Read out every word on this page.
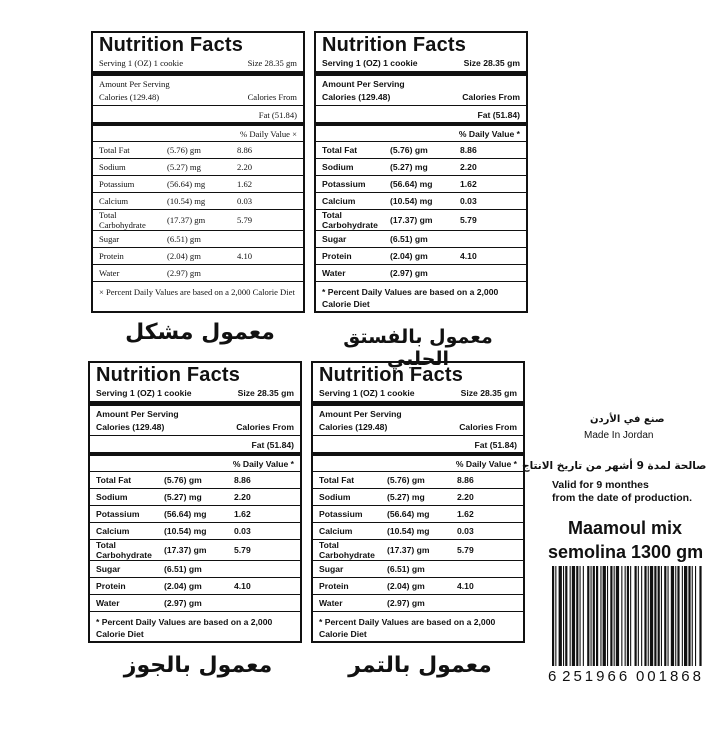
Nutrition Facts
Serving 1 (OZ) 1 cookie	Size 28.35 gm
Amount Per Serving
Calories (129.48)	Calories From
Fat (51.84)
% Daily Value ×
Total Fat	(5.76) gm	8.86
Sodium	(5.27) mg	2.20
Potassium	(56.64) mg	1.62
Calcium	(10.54) mg	0.03
Total Carbohydrate	(17.37) gm	5.79
Sugar	(6.51) gm	
Protein	(2.04) gm	4.10
Water	(2.97) gm	
× Percent Daily Values are based on a 2,000 Calorie Diet
Nutrition Facts
Serving 1 (OZ) 1 cookie	Size 28.35 gm
Amount Per Serving
Calories (129.48)	Calories From
Fat (51.84)
% Daily Value *
Total Fat	(5.76) gm	8.86
Sodium	(5.27) mg	2.20
Potassium	(56.64) mg	1.62
Calcium	(10.54) mg	0.03
Total Carbohydrate	(17.37) gm	5.79
Sugar	(6.51) gm	
Protein	(2.04) gm	4.10
Water	(2.97) gm	
* Percent Daily Values are based on a 2,000 Calorie Diet
Nutrition Facts
Serving 1 (OZ) 1 cookie	Size 28.35 gm
Amount Per Serving
Calories (129.48)	Calories From
Fat (51.84)
% Daily Value *
Total Fat	(5.76) gm	8.86
Sodium	(5.27) mg	2.20
Potassium	(56.64) mg	1.62
Calcium	(10.54) mg	0.03
Total Carbohydrate	(17.37) gm	5.79
Sugar	(6.51) gm	
Protein	(2.04) gm	4.10
Water	(2.97) gm	
* Percent Daily Values are based on a 2,000 Calorie Diet
Nutrition Facts
Serving 1 (OZ) 1 cookie	Size 28.35 gm
Amount Per Serving
Calories (129.48)	Calories From
Fat (51.84)
% Daily Value *
Total Fat	(5.76) gm	8.86
Sodium	(5.27) mg	2.20
Potassium	(56.64) mg	1.62
Calcium	(10.54) mg	0.03
Total Carbohydrate	(17.37) gm	5.79
Sugar	(6.51) gm	
Protein	(2.04) gm	4.10
Water	(2.97) gm	
* Percent Daily Values are based on a 2,000 Calorie Diet
معمول مشكل	معمول بالفستق الحلبي
معمول بالجوز	معمول بالتمر
صنع في الأردن
Made In Jordan
صالحة لمدة 9 أشهر من تاريخ الانتاج
Valid for 9 monthes
from the date of production.
Maamoul mix
semolina 1300 gm
6 251966 001868
